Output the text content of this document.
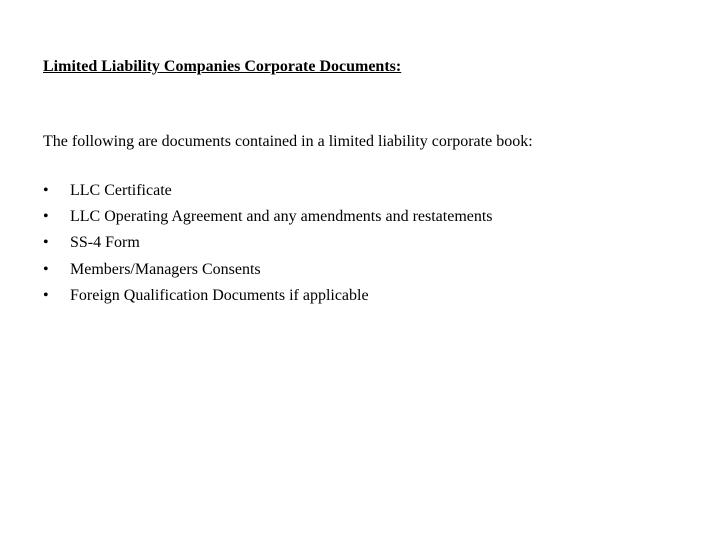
Limited Liability Companies Corporate Documents:
The following are documents contained in a limited liability corporate book:
•	LLC Certificate
•	LLC Operating Agreement and any amendments and restatements
•	SS-4 Form
•	Members/Managers Consents
•	Foreign Qualification Documents if applicable
